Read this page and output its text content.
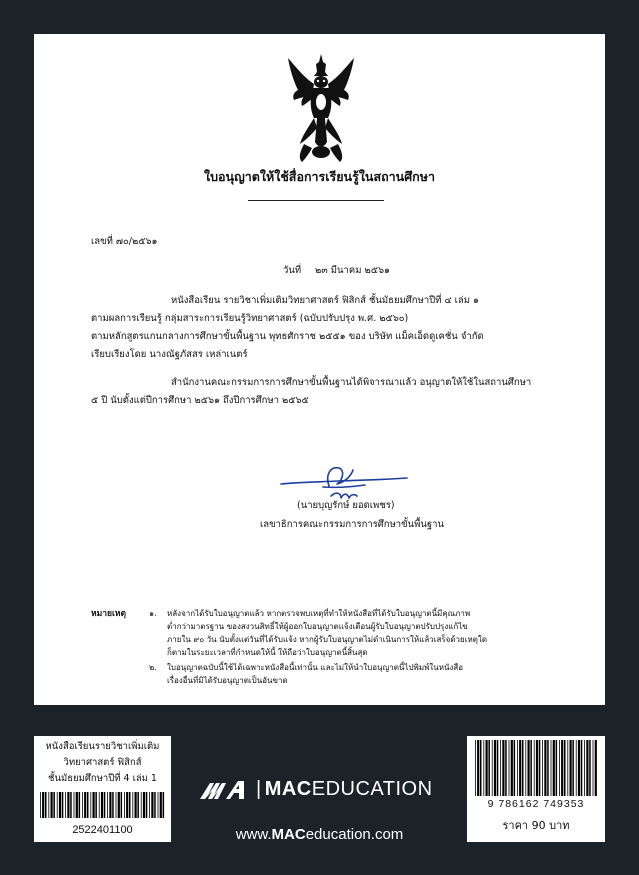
ใบอนุญาตให้ใช้สื่อการเรียนรู้ในสถานศึกษา
เลขที่ ๗๐/๒๕๖๑
วันที่ ๒๓ มีนาคม ๒๕๖๑
หนังสือเรียน รายวิชาเพิ่มเติมวิทยาศาสตร์ ฟิสิกส์ ชั้นมัธยมศึกษาปีที่ ๔ เล่ม ๑
ตามผลการเรียนรู้ กลุ่มสาระการเรียนรู้วิทยาศาสตร์ (ฉบับปรับปรุง พ.ศ. ๒๕๖๐)
ตามหลักสูตรแกนกลางการศึกษาขั้นพื้นฐาน พุทธศักราช ๒๕๕๑ ของ บริษัท แม็คเอ็ดดูเคชั่น จำกัด
เรียบเรียงโดย นางณัฐภัสสร เหล่าเนตร์
สำนักงานคณะกรรมการการศึกษาขั้นพื้นฐานได้พิจารณาแล้ว อนุญาตให้ใช้ในสถานศึกษา
๕ ปี นับตั้งแต่ปีการศึกษา ๒๕๖๑ ถึงปีการศึกษา ๒๕๖๕
(นายบุญรักษ์ ยอดเพชร)
เลขาธิการคณะกรรมการการศึกษาขั้นพื้นฐาน
หมายเหตุ	๑. หลังจากได้รับใบอนุญาตแล้ว หากตรวจพบเหตุที่ทำให้หนังสือที่ได้รับใบอนุญาตนี้มีคุณภาพ
ต่ำกว่ามาตรฐาน ของสงวนสิทธิ์ให้ผู้ออกใบอนุญาตแจ้งเตือนผู้รับใบอนุญาตปรับปรุงแก้ไข
ภายใน ๙๐ วัน นับตั้งแต่วันที่ได้รับแจ้ง หากผู้รับใบอนุญาตไม่ดำเนินการให้แล้วเสร็จด้วยเหตุใด
ก็ตามในระยะเวลาที่กำหนดให้นี้ ให้ถือว่าใบอนุญาตนี้สิ้นสุด
๒. ใบอนุญาตฉบับนี้ใช้ได้เฉพาะหนังสือนี้เท่านั้น และไม่ให้นำใบอนุญาตนี้ไปพิมพ์ในหนังสือ
เรื่องอื่นที่มิได้รับอนุญาตเป็นอันขาด
หนังสือเรียนรายวิชาเพิ่มเติม
วิทยาศาสตร์ ฟิสิกส์
ชั้นมัธยมศึกษาปีที่ 4 เล่ม 1
2522401100
| MACEDUCATION
www.MACeducation.com
9 786162 749353
ราคา 90 บาท
